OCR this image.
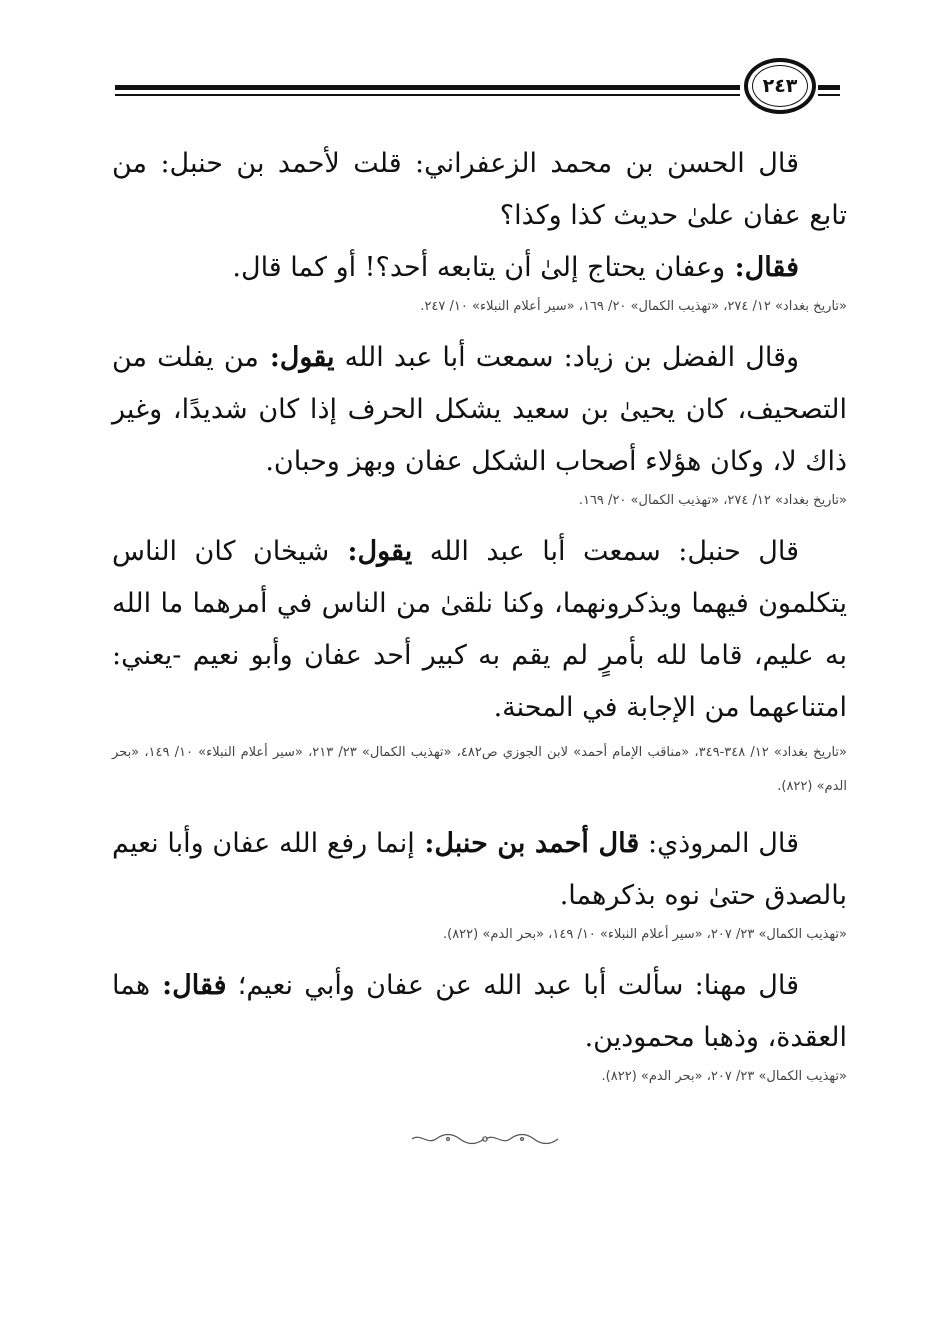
٢٤٣

قال الحسن بن محمد الزعفراني: قلت لأحمد بن حنبل: من تابع عفان علىٰ حديث كذا وكذا؟

فقال: وعفان يحتاج إلىٰ أن يتابعه أحد؟! أو كما قال.

«تاريخ بغداد» ١٢/ ٢٧٤، «تهذيب الكمال» ٢٠/ ١٦٩، «سير أعلام النبلاء» ١٠/ ٢٤٧.

وقال الفضل بن زياد: سمعت أبا عبد الله يقول: من يفلت من التصحيف، كان يحيىٰ بن سعيد يشكل الحرف إذا كان شديدًا، وغير ذاك لا، وكان هؤلاء أصحاب الشكل عفان وبهز وحبان.

«تاريخ بغداد» ١٢/ ٢٧٤، «تهذيب الكمال» ٢٠/ ١٦٩.

قال حنبل: سمعت أبا عبد الله يقول: شيخان كان الناس يتكلمون فيهما ويذكرونهما، وكنا نلقىٰ من الناس في أمرهما ما الله به عليم، قاما لله بأمرٍ لم يقم به كبير أحد عفان وأبو نعيم -يعني: امتناعهما من الإجابة في المحنة.

«تاريخ بغداد» ١٢/ ٣٤٨-٣٤٩، «مناقب الإمام أحمد» لابن الجوزي ص٤٨٢، «تهذيب الكمال» ٢٣/ ٢١٣، «سير أعلام النبلاء» ١٠/ ١٤٩، «بحر الدم» (٨٢٢).

قال المروذي: قال أحمد بن حنبل: إنما رفع الله عفان وأبا نعيم بالصدق حتىٰ نوه بذكرهما.

«تهذيب الكمال» ٢٣/ ٢٠٧، «سير أعلام النبلاء» ١٠/ ١٤٩، «بحر الدم» (٨٢٢).

قال مهنا: سألت أبا عبد الله عن عفان وأبي نعيم؛ فقال: هما العقدة، وذهبا محمودين.

«تهذيب الكمال» ٢٣/ ٢٠٧، «بحر الدم» (٨٢٢).
